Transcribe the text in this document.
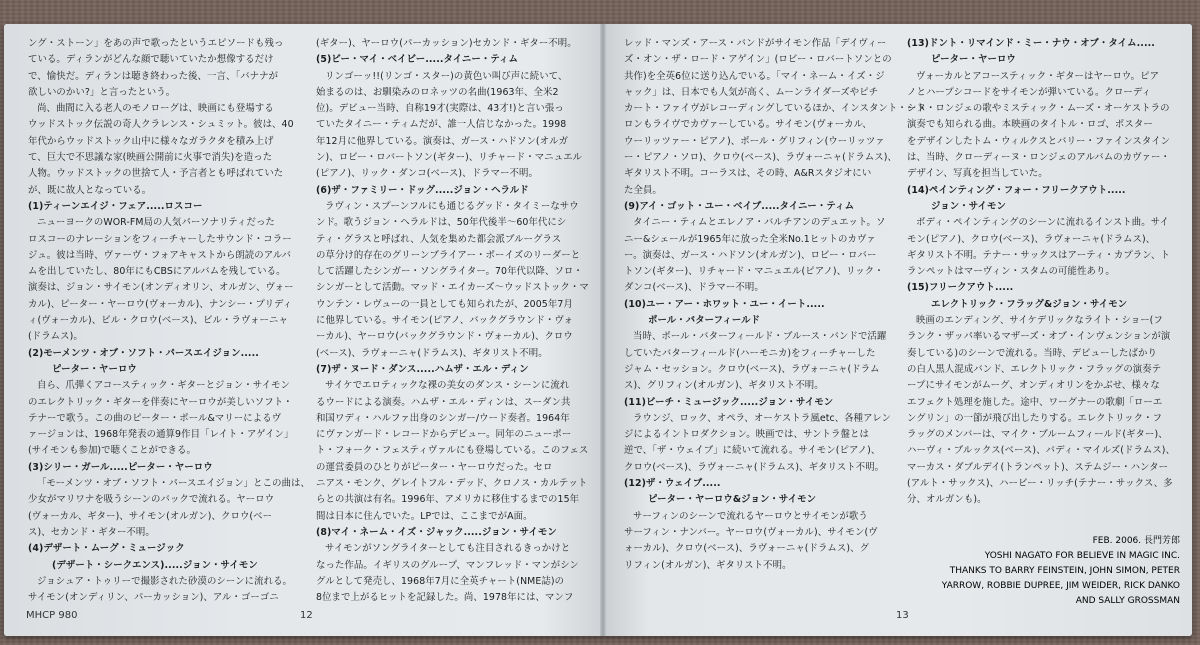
ング・ストーン」をあの声で歌ったというエピソードも残っ

ている。ディランがどんな顔で聴いていたか想像するだけ

で、愉快だ。ディランは聴き終わった後、一言、「バナナが

欲しいのかい?」と言ったという。

尚、曲間に入る老人のモノローグは、映画にも登場する

ウッドストック伝説の奇人クラレンス・シュミット。彼は、40

年代からウッドストック山中に様々なガラクタを積み上げ

て、巨大で不思議な家(映画公開前に火事で消失)を造った

人物。ウッドストックの世捨て人・予言者とも呼ばれていた

が、既に故人となっている。

(1)ティーンエイジ・フェア.....ロスコー

ニューヨークのWOR-FM局の人気パーソナリティだった

ロスコーのナレーションをフィーチャーしたサウンド・コラー

ジュ。彼は当時、ヴァーヴ・フォアキャストから朗読のアルバ

ムを出していたし、80年にもCBSにアルバムを残している。

演奏は、ジョン・サイモン(オンディオリン、オルガン、ヴォー

カル)、ピーター・ヤーロウ(ヴォーカル)、ナンシー・プリディ

ィ(ヴォーカル)、ビル・クロウ(ベース)、ビル・ラヴォーニャ

(ドラムス)。

(2)モーメンツ・オブ・ソフト・パースエイジョン.....

ピーター・ヤーロウ

自ら、爪弾くアコースティック・ギターとジョン・サイモン

のエレクトリック・ギターを伴奏にヤーロウが美しいソフト・

テナーで歌う。この曲のピーター・ポール&マリーによるヴ

ァージョンは、1968年発表の通算9作目「レイト・アゲイン」

(サイモンも参加)で聴くことができる。

(3)シリー・ガール.....ピーター・ヤーロウ

「モーメンツ・オブ・ソフト・パースエイジョン」とこの曲は、

少女がマリワナを吸うシーンのバックで流れる。ヤーロウ

(ヴォーカル、ギター)、サイモン(オルガン)、クロウ(ベー

ス)、セカンド・ギター不明。

(4)デザート・ムーグ・ミュージック

(デザート・シークエンス).....ジョン・サイモン

ジョシュア・トゥリーで撮影された砂漠のシーンに流れる。

サイモン(オンディリン、パーカッション)、アル・ゴーゴニ

(ギター)、ヤーロウ(パーカッション)セカンド・ギター不明。

(5)ビー・マイ・ベイビー.....タイニー・ティム

リンゴーッ!!(リンゴ・スター)の黄色い叫び声に続いて、

始まるのは、お馴染みのロネッツの名曲(1963年、全米2

位)。デビュー当時、自称19才(実際は、43才!)と言い張っ

ていたタイニー・ティムだが、誰一人信じなかった。1998

年12月に他界している。演奏は、ガース・ハドソン(オルガ

ン)、ロビー・ロバートソン(ギター)、リチャード・マニュエル

(ピアノ)、リック・ダンコ(ベース)、ドラマー不明。

(6)ザ・ファミリー・ドッグ.....ジョン・ヘラルド

ラヴィン・スプーンフルにも通じるグッド・タイミーなサウ

ンド。歌うジョン・ヘラルドは、50年代後半〜60年代にシ

ティ・グラスと呼ばれ、人気を集めた都会派ブルーグラス

の草分け的存在のグリーンブライアー・ボーイズのリーダーと

して活躍したシンガー・ソングライター。70年代以降、ソロ・

シンガーとして活動。マッド・エイカーズ〜ウッドストック・マ

ウンテン・レヴューの一員としても知られたが、2005年7月

に他界している。サイモン(ピアノ、バックグラウンド・ヴォ

ーカル)、ヤーロウ(バックグラウンド・ヴォーカル)、クロウ

(ベース)、ラヴォーニャ(ドラムス)、ギタリスト不明。

(7)ザ・ヌード・ダンス.....ハムザ・エル・ディン

サイケでエロティックな裸の美女のダンス・シーンに流れ

るウードによる演奏。ハムザ・エル・ディンは、スーダン共

和国ワディ・ハルファ出身のシンガー/ウード奏者。1964年

にヴァンガード・レコードからデビュー。同年のニューポー

ト・フォーク・フェスティヴァルにも登場している。このフェス

の運営委員のひとりがピーター・ヤーロウだった。セロ

ニアス・モンク、グレイトフル・デッド、クロノス・カルテット

らとの共演は有名。1996年、アメリカに移住するまでの15年

間は日本に住んでいた。LPでは、ここまでがA面。

(8)マイ・ネーム・イズ・ジャック.....ジョン・サイモン

サイモンがソングライターとしても注目されるきっかけと

なった作品。イギリスのグループ、マンフレッド・マンがシン

グルとして発売し、1968年7月に全英チャート(NME誌)の

8位まで上がるヒットを記録した。尚、1978年には、マンフ

MHCP 980	12

レッド・マンズ・アース・バンドがサイモン作品「デイヴィー

ズ・オン・ザ・ロード・アゲイン」(ロビー・ロバートソンとの

共作)を全英6位に送り込んでいる。「マイ・ネーム・イズ・ジ

ャック」は、日本でも人気が高く、ムーンライダーズやピチ

カート・ファイヴがレコーディングしているほか、インスタント・シト

ロンもライヴでカヴァーしている。サイモン(ヴォーカル、

ウーリッツァー・ピアノ)、ポール・グリフィン(ウーリッツァ

ー・ピアノ・ソロ)、クロウ(ベース)、ラヴォーニャ(ドラムス)、

ギタリスト不明。コーラスは、その時、A&Rスタジオにい

た全員。

(9)アイ・ゴット・ユー・ベイブ.....タイニー・ティム

タイニー・ティムとエレノア・バルチアンのデュエット。ソ

ニー&シェールが1965年に放った全米No.1ヒットのカヴァ

ー。演奏は、ガース・ハドソン(オルガン)、ロビー・ロバー

トソン(ギター)、リチャード・マニュエル(ピアノ)、リック・

ダンコ(ベース)、ドラマー不明。

(10)ユー・アー・ホワット・ユー・イート.....

ポール・バターフィールド

当時、ポール・バターフィールド・ブルース・バンドで活躍

していたバターフィールド(ハーモニカ)をフィーチャーした

ジャム・セッション。クロウ(ベース)、ラヴォーニャ(ドラム

ス)、グリフィン(オルガン)、ギタリスト不明。

(11)ビーチ・ミュージック.....ジョン・サイモン

ラウンジ、ロック、オペラ、オーケストラ風etc、各種アレン

ジによるイントロダクション。映画では、サントラ盤とは

逆で、「ザ・ウェイブ」に続いて流れる。サイモン(ピアノ)、

クロウ(ベース)、ラヴォーニャ(ドラムス)、ギタリスト不明。

(12)ザ・ウェイブ.....

ピーター・ヤーロウ&ジョン・サイモン

サーフィンのシーンで流れるヤーロウとサイモンが歌う

サーフィン・ナンバー。ヤーロウ(ヴォーカル)、サイモン(ヴ

ォーカル)、クロウ(ベース)、ラヴォーニャ(ドラムス)、グ

リフィン(オルガン)、ギタリスト不明。

(13)ドント・リマインド・ミー・ナウ・オブ・タイム.....

ピーター・ヤーロウ

ヴォーカルとアコースティック・ギターはヤーロウ。ピア

ノとハープシコードをサイモンが弾いている。クローディ

ーヌ・ロンジェの歌やミスティック・ムーズ・オーケストラの

演奏でも知られる曲。本映画のタイトル・ロゴ、ポスター

をデザインしたトム・ウィルクスとバリー・ファインスタイン

は、当時、クローディーヌ・ロンジェのアルバムのカヴァー・

デザイン、写真を担当していた。

(14)ペインティング・フォー・フリークアウト.....

ジョン・サイモン

ボディ・ペインティングのシーンに流れるインスト曲。サイ

モン(ピアノ)、クロウ(ベース)、ラヴォーニャ(ドラムス)、

ギタリスト不明。テナー・サックスはアーティ・カプラン、ト

ランペットはマーヴィン・スタムの可能性あり。

(15)フリークアウト.....

エレクトリック・フラッグ&ジョン・サイモン

映画のエンディング、サイケデリックなライト・ショー(フ

ランク・ザッパ率いるマザーズ・オブ・インヴェンションが演

奏している)のシーンで流れる。当時、デビューしたばかり

の白人黒人混成バンド、エレクトリック・フラッグの演奏テ

ープにサイモンがムーグ、オンディオリンをかぶせ、様々な

エフェクト処理を施した。途中、ワーグナーの歌劇「ローエ

ングリン」の一節が飛び出したりする。エレクトリック・フ

ラッグのメンバーは、マイク・ブルームフィールド(ギター)、

ハーヴィ・ブルックス(ベース)、バディ・マイルズ(ドラムス)、

マーカス・ダブルデイ(トランペット)、ステムジー・ハンター

(アルト・サックス)、ハービー・リッチ(テナー・サックス、多

分、オルガンも)。

FEB. 2006. 長門芳郎

YOSHI NAGATO FOR BELIEVE IN MAGIC INC.

THANKS TO BARRY FEINSTEIN, JOHN SIMON, PETER

YARROW, ROBBIE DUPREE, JIM WEIDER, RICK DANKO

AND SALLY GROSSMAN

13
